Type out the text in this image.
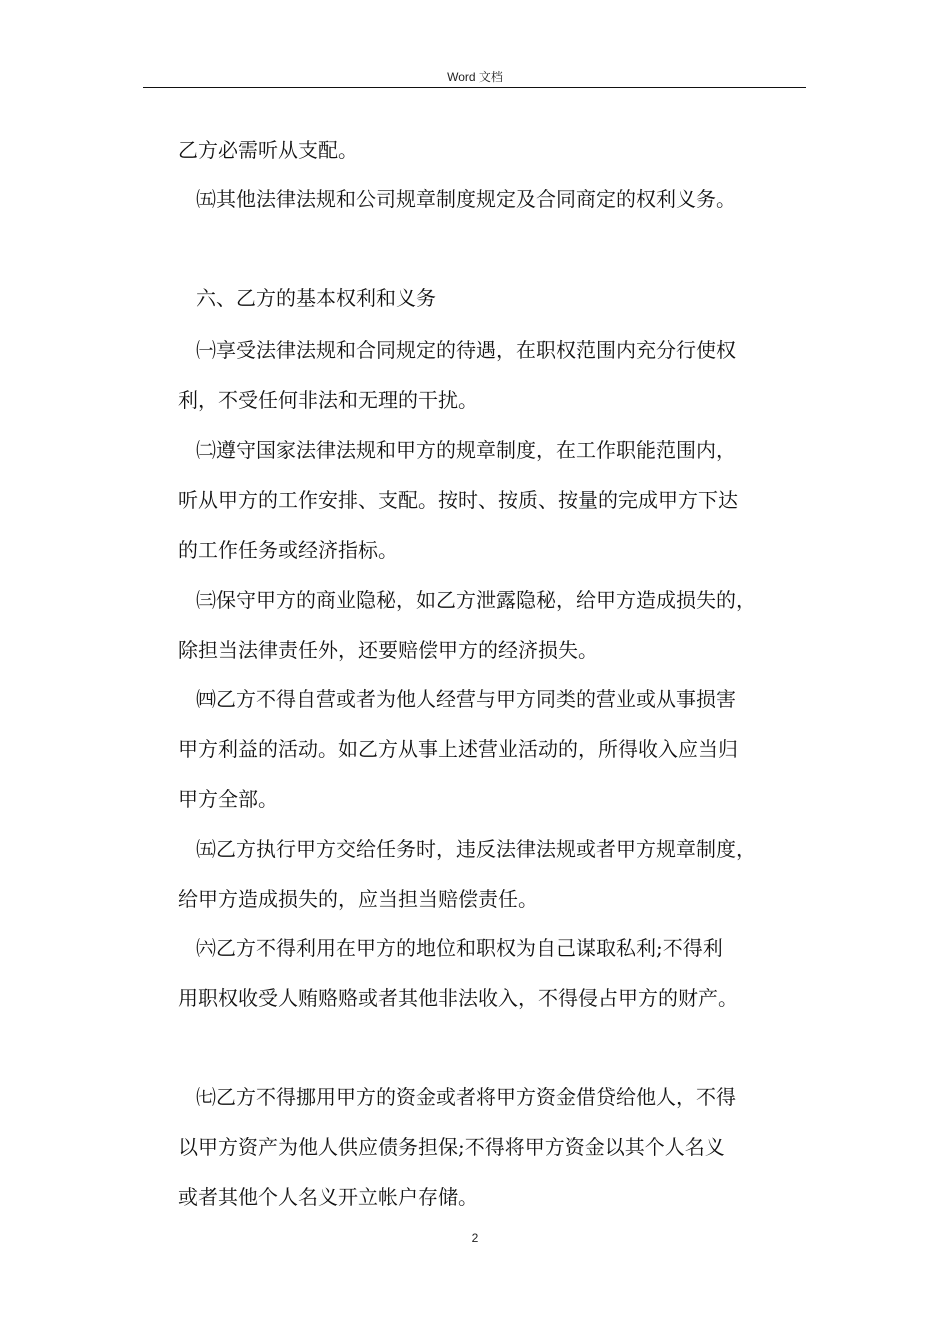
Word 文档
乙方必需听从支配。
㈤其他法律法规和公司规章制度规定及合同商定的权利义务。
六、乙方的基本权利和义务
㈠享受法律法规和合同规定的待遇，在职权范围内充分行使权
利，不受任何非法和无理的干扰。
㈡遵守国家法律法规和甲方的规章制度，在工作职能范围内，
听从甲方的工作安排、支配。按时、按质、按量的完成甲方下达
的工作任务或经济指标。
㈢保守甲方的商业隐秘，如乙方泄露隐秘，给甲方造成损失的，
除担当法律责任外，还要赔偿甲方的经济损失。
㈣乙方不得自营或者为他人经营与甲方同类的营业或从事损害
甲方利益的活动。如乙方从事上述营业活动的，所得收入应当归
甲方全部。
㈤乙方执行甲方交给任务时，违反法律法规或者甲方规章制度，
给甲方造成损失的，应当担当赔偿责任。
㈥乙方不得利用在甲方的地位和职权为自己谋取私利;不得利
用职权收受人贿赂赂或者其他非法收入，不得侵占甲方的财产。
㈦乙方不得挪用甲方的资金或者将甲方资金借贷给他人，不得
以甲方资产为他人供应债务担保;不得将甲方资金以其个人名义
或者其他个人名义开立帐户存储。
2
